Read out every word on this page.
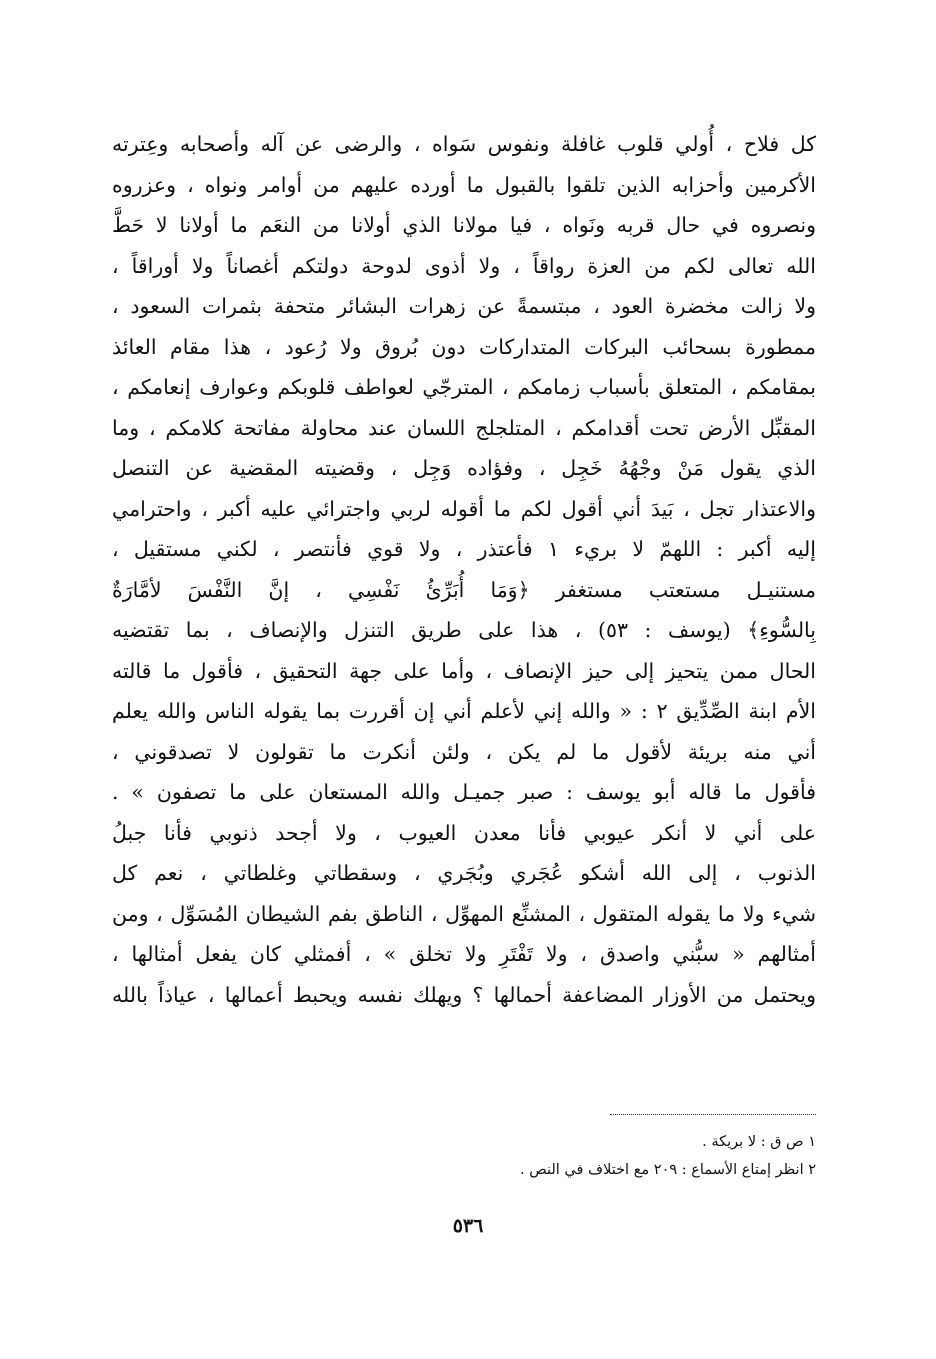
كل فلاح ، أُولي قلوب غافلة ونفوس سَواه ، والرضى عن آله وأصحابه وعِترته
الأكرمين وأحزابه الذين تلقوا بالقبول ما أورده عليهم من أوامر ونواه ، وعزروه
ونصروه في حال قربه ونَواه ، فيا مولانا الذي أولانا من النعَم ما أولانا لا حَطَّ
الله تعالى لكم من العزة رواقاً ، ولا أذوى لدوحة دولتكم أغصاناً ولا أوراقاً ،
ولا زالت مخضرة العود ، مبتسمةً عن زهرات البشائر متحفة بثمرات السعود ،
ممطورة بسحائب البركات المتداركات دون بُروق ولا رُعود ، هذا مقام العائذ
بمقامكم ، المتعلق بأسباب زمامكم ، المترجّي لعواطف قلوبكم وعوارف إنعامكم ،
المقبِّل الأرض تحت أقدامكم ، المتلجلج اللسان عند محاولة مفاتحة كلامكم ، وما
الذي يقول مَنْ وجْهُهُ خَجِل ، وفؤاده وَجِل ، وقضيته المقضية عن التنصل
والاعتذار تجل ، بَيدَ أني أقول لكم ما أقوله لربي واجترائي عليه أكبر ، واحترامي
إليه أكبر : اللهمّ لا بريء ١ فأعتذر ، ولا قوي فأنتصر ، لكني مستقيل ،
مستنيـل مستعتب مستغفر ﴿وَمَا أُبَرِّئُ نَفْسِي ، إنَّ النَّفْسَ لأمَّارَةٌ
بِالسُّوءِ﴾ (يوسف : ٥٣) ، هذا على طريق التنزل والإنصاف ، بما تقتضيه
الحال ممن يتحيز إلى حيز الإنصاف ، وأما على جهة التحقيق ، فأقول ما قالته
الأم ابنة الصِّدِّيق ٢ : « والله إني لأعلم أني إن أقررت بما يقوله الناس والله يعلم
أني منه بريئة لأقول ما لم يكن ، ولئن أنكرت ما تقولون لا تصدقوني ،
فأقول ما قاله أبو يوسف : صبر جميـل والله المستعان على ما تصفون » .
على أني لا أنكر عيوبي فأنا معدن العيوب ، ولا أجحد ذنوبي فأنا جبلُ
الذنوب ، إلى الله أشكو عُجَري وبُجَري ، وسقطاتي وغلطاتي ، نعم كل
شيء ولا ما يقوله المتقول ، المشنِّع المهوِّل ، الناطق بفم الشيطان المُسَوِّل ، ومن
أمثالهم « سبُّني واصدق ، ولا تَفْتَرِ ولا تخلق » ، أفمثلي كان يفعل أمثالها ،
ويحتمل من الأوزار المضاعفة أحمالها ؟ ويهلك نفسه ويحبط أعمالها ، عياذاً بالله
١ ص ق : لا بريكة .
٢ انظر إمتاع الأسماع : ٢٠٩ مع اختلاف في النص .
٥٣٦
